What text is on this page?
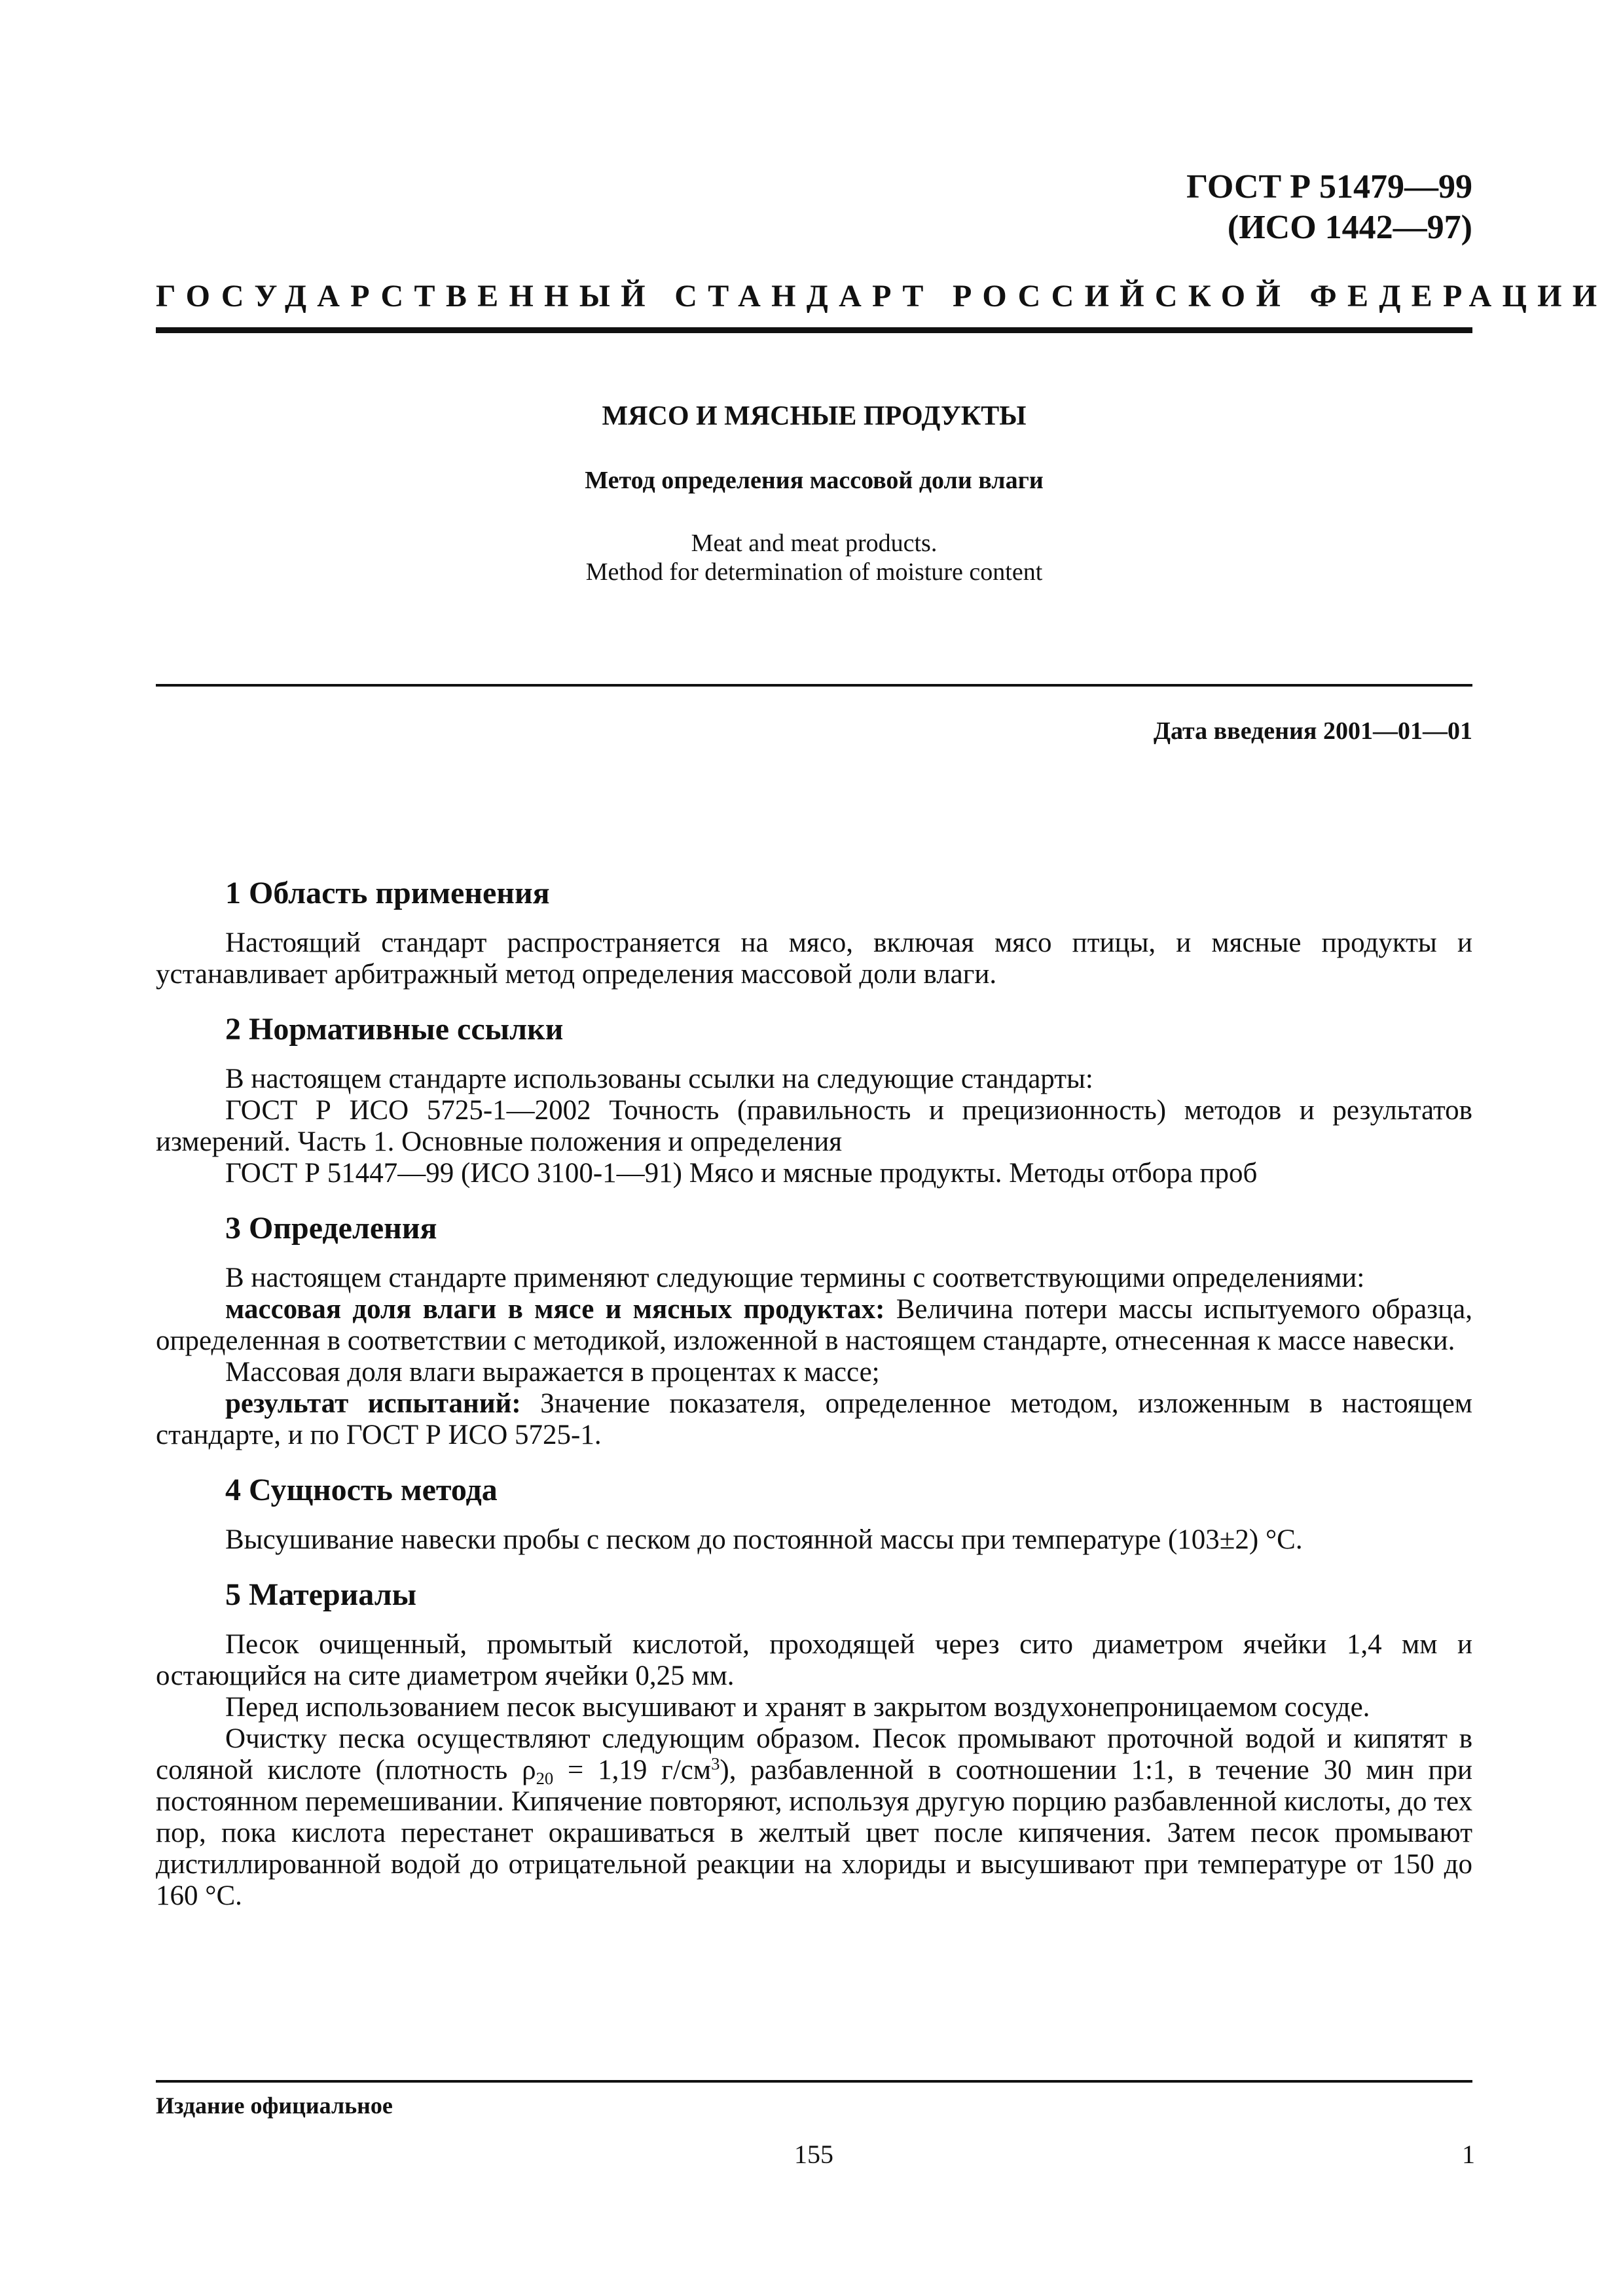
ГОСТ Р 51479—99
(ИСО 1442—97)
ГОСУДАРСТВЕННЫЙ СТАНДАРТ РОССИЙСКОЙ ФЕДЕРАЦИИ
МЯСО И МЯСНЫЕ ПРОДУКТЫ
Метод определения массовой доли влаги
Meat and meat products.
Method for determination of moisture content
Дата введения 2001—01—01
1 Область применения

Настоящий стандарт распространяется на мясо, включая мясо птицы, и мясные продукты и устанавливает арбитражный метод определения массовой доли влаги.

2 Нормативные ссылки

В настоящем стандарте использованы ссылки на следующие стандарты:

ГОСТ Р ИСО 5725-1—2002 Точность (правильность и прецизионность) методов и результатов измерений. Часть 1. Основные положения и определения

ГОСТ Р 51447—99 (ИСО 3100-1—91) Мясо и мясные продукты. Методы отбора проб

3 Определения

В настоящем стандарте применяют следующие термины с соответствующими определениями:

массовая доля влаги в мясе и мясных продуктах: Величина потери массы испытуемого образца, определенная в соответствии с методикой, изложенной в настоящем стандарте, отнесенная к массе навески.

Массовая доля влаги выражается в процентах к массе;

результат испытаний: Значение показателя, определенное методом, изложенным в настоящем стандарте, и по ГОСТ Р ИСО 5725-1.

4 Сущность метода

Высушивание навески пробы с песком до постоянной массы при температуре (103±2) °С.

5 Материалы

Песок очищенный, промытый кислотой, проходящей через сито диаметром ячейки 1,4 мм и остающийся на сите диаметром ячейки 0,25 мм.

Перед использованием песок высушивают и хранят в закрытом воздухонепроницаемом сосуде.

Очистку песка осуществляют следующим образом. Песок промывают проточной водой и кипятят в соляной кислоте (плотность $\rho_{20} = 1,19$ $г/см^3$), разбавленной в соотношении 1:1, в течение 30 мин при постоянном перемешивании. Кипячение повторяют, используя другую порцию разбавленной кислоты, до тех пор, пока кислота перестанет окрашиваться в желтый цвет после кипячения. Затем песок промывают дистиллированной водой до отрицательной реакции на хлориды и высушивают при температуре от 150 до 160 °С.

Издание официальное
155	1
